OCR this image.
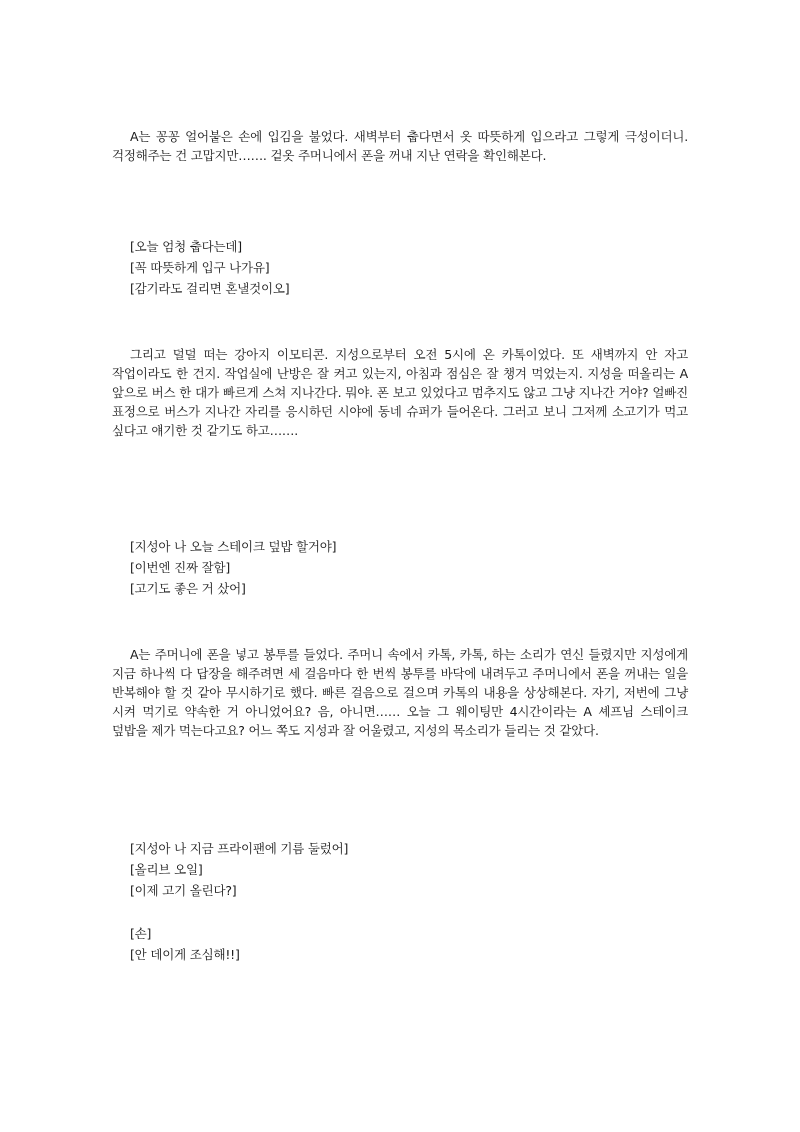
A는 꽁꽁 얼어붙은 손에 입김을 불었다. 새벽부터 춥다면서 옷 따뜻하게 입으라고 그렇게 극성이더니. 걱정해주는 건 고맙지만……. 겉옷 주머니에서 폰을 꺼내 지난 연락을 확인해본다.

[오늘 엄청 춥다는데]
[꼭 따뜻하게 입구 나가유]
[감기라도 걸리면 혼낼것이오]

그리고 덜덜 떠는 강아지 이모티콘. 지성으로부터 오전 5시에 온 카톡이었다. 또 새벽까지 안 자고 작업이라도 한 건지. 작업실에 난방은 잘 켜고 있는지, 아침과 점심은 잘 챙겨 먹었는지. 지성을 떠올리는 A 앞으로 버스 한 대가 빠르게 스쳐 지나간다. 뭐야. 폰 보고 있었다고 멈추지도 않고 그냥 지나간 거야? 얼빠진 표정으로 버스가 지나간 자리를 응시하던 시야에 동네 슈퍼가 들어온다. 그러고 보니 그저께 소고기가 먹고 싶다고 얘기한 것 같기도 하고…….

[지성아 나 오늘 스테이크 덮밥 할거야]
[이번엔 진짜 잘함]
[고기도 좋은 거 샀어]

A는 주머니에 폰을 넣고 봉투를 들었다. 주머니 속에서 카톡, 카톡, 하는 소리가 연신 들렸지만 지성에게 지금 하나씩 다 답장을 해주려면 세 걸음마다 한 번씩 봉투를 바닥에 내려두고 주머니에서 폰을 꺼내는 일을 반복해야 할 것 같아 무시하기로 했다. 빠른 걸음으로 걸으며 카톡의 내용을 상상해본다. 자기, 저번에 그냥 시켜 먹기로 약속한 거 아니었어요? 음, 아니면…… 오늘 그 웨이팅만 4시간이라는 A 셰프님 스테이크 덮밥을 제가 먹는다고요? 어느 쪽도 지성과 잘 어울렸고, 지성의 목소리가 들리는 것 같았다.

[지성아 나 지금 프라이팬에 기름 둘렀어]
[올리브 오일]
[이제 고기 올린다?]
[손]
[안 데이게 조심해!!]
